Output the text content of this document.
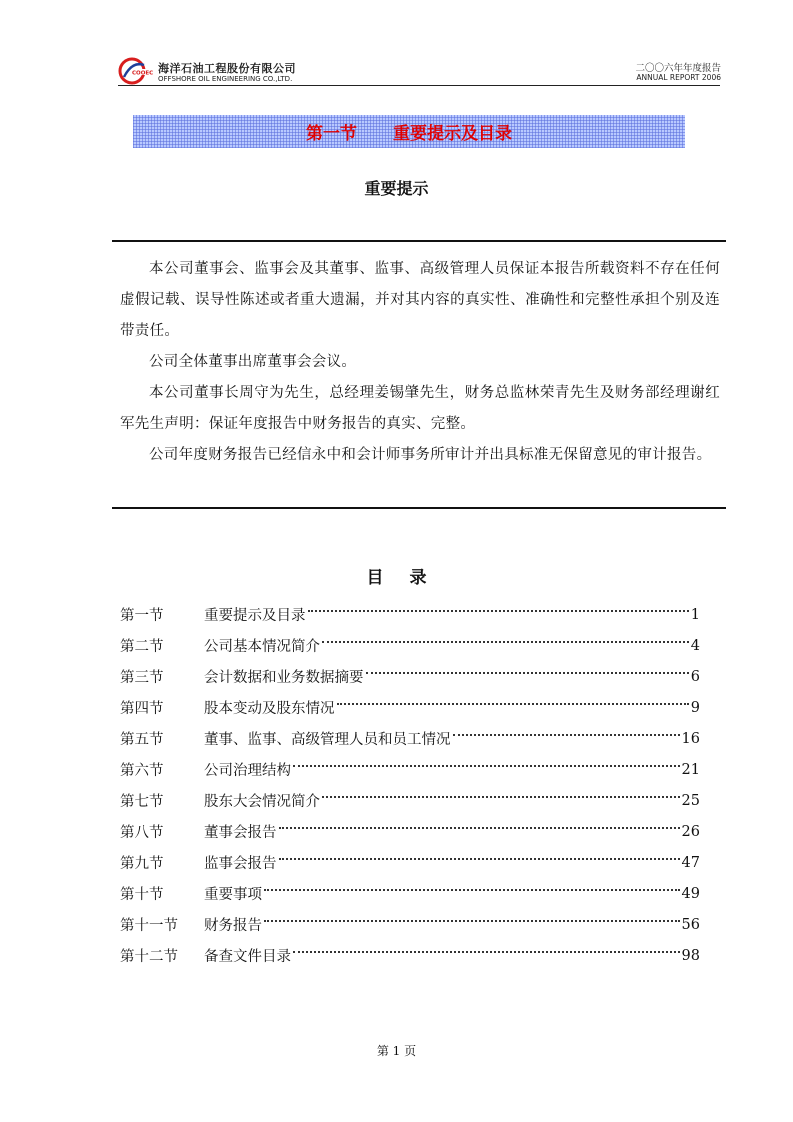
COOEC 海洋石油工程股份有限公司
OFFSHORE OIL ENGINEERING CO.,LTD.
二〇〇六年年度报告
ANNUAL REPORT 2006
第一节 重要提示及目录
重要提示
本公司董事会、监事会及其董事、监事、高级管理人员保证本报告所载资料不存在任何虚假记载、误导性陈述或者重大遗漏，并对其内容的真实性、准确性和完整性承担个别及连带责任。
公司全体董事出席董事会会议。
本公司董事长周守为先生，总经理姜锡肇先生，财务总监林荣青先生及财务部经理谢红军先生声明：保证年度报告中财务报告的真实、完整。
公司年度财务报告已经信永中和会计师事务所审计并出具标准无保留意见的审计报告。
目录
第一节	重要提示及目录	1
第二节	公司基本情况简介	4
第三节	会计数据和业务数据摘要	6
第四节	股本变动及股东情况	9
第五节	董事、监事、高级管理人员和员工情况	16
第六节	公司治理结构	21
第七节	股东大会情况简介	25
第八节	董事会报告	26
第九节	监事会报告	47
第十节	重要事项	49
第十一节	财务报告	56
第十二节	备查文件目录	98
第 1 页
